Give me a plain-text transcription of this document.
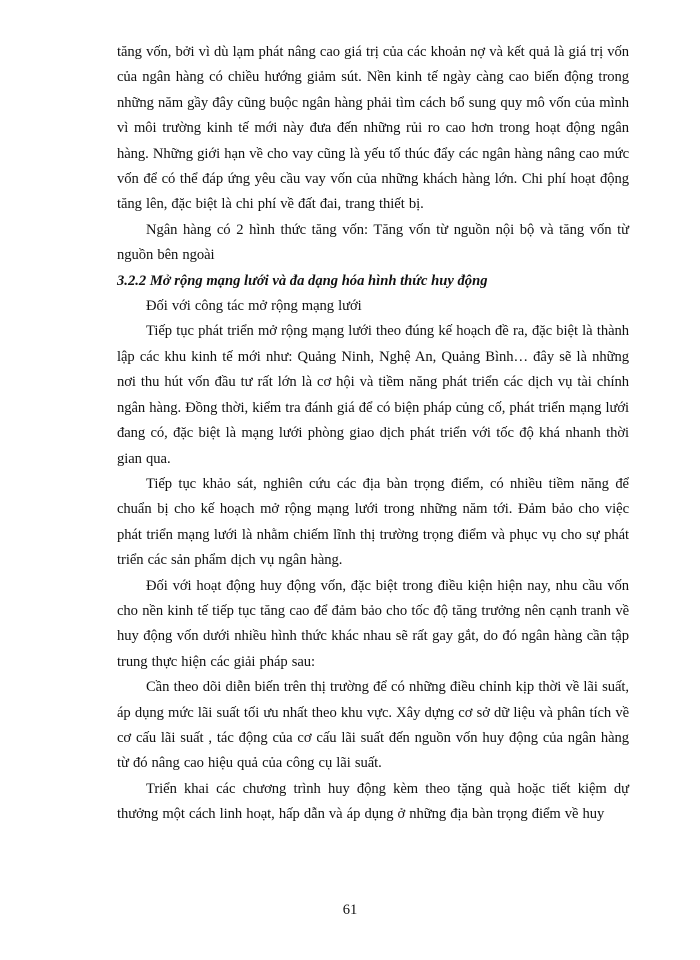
tăng vốn, bởi vì dù lạm phát nâng cao giá trị của các khoản nợ và kết quả là giá trị vốn của ngân hàng có chiều hướng giảm sút. Nền kinh tế ngày càng cao biến động trong những năm gầy đây cũng buộc ngân hàng phải tìm cách bổ sung quy mô vốn của mình vì môi trường kinh tế mới này đưa đến những rủi ro cao hơn trong hoạt động ngân hàng. Những giới hạn về cho vay cũng là yếu tố thúc đẩy các ngân hàng nâng cao mức vốn để có thể đáp ứng yêu cầu vay vốn của những khách hàng lớn. Chi phí hoạt động tăng lên, đặc biệt là chi phí về đất đai, trang thiết bị.

Ngân hàng có 2 hình thức tăng vốn: Tăng vốn từ nguồn nội bộ và tăng vốn từ nguồn bên ngoài

3.2.2 Mở rộng mạng lưới và đa dạng hóa hình thức huy động

Đối với công tác mở rộng mạng lưới

Tiếp tục phát triển mở rộng mạng lưới theo đúng kế hoạch đề ra, đặc biệt là thành lập các khu kinh tế mới như: Quảng Ninh, Nghệ An, Quảng Bình… đây sẽ là những nơi thu hút vốn đầu tư rất lớn là cơ hội và tiềm năng phát triển các dịch vụ tài chính ngân hàng. Đồng thời, kiểm tra đánh giá để có biện pháp củng cố, phát triển mạng lưới đang có, đặc biệt là mạng lưới phòng giao dịch phát triển với tốc độ khá nhanh thời gian qua.

Tiếp tục khảo sát, nghiên cứu các địa bàn trọng điểm, có nhiều tiềm năng để chuẩn bị cho kế hoạch mở rộng mạng lưới trong những năm tới. Đảm bảo cho việc phát triển mạng lưới là nhằm chiếm lĩnh thị trường trọng điểm và phục vụ cho sự phát triển các sản phẩm dịch vụ ngân hàng.

Đối với hoạt động huy động vốn, đặc biệt trong điều kiện hiện nay, nhu cầu vốn cho nền kinh tế tiếp tục tăng cao để đảm bảo cho tốc độ tăng trưởng nên cạnh tranh về huy động vốn dưới nhiều hình thức khác nhau sẽ rất gay gắt, do đó ngân hàng cần tập trung thực hiện các giải pháp sau:

Cần theo dõi diễn biến trên thị trường để có những điều chỉnh kịp thời về lãi suất, áp dụng mức lãi suất tối ưu nhất theo khu vực. Xây dựng cơ sở dữ liệu và phân tích về cơ cấu lãi suất , tác động của cơ cấu lãi suất đến nguồn vốn huy động của ngân hàng từ đó nâng cao hiệu quả của công cụ lãi suất.

Triển khai các chương trình huy động kèm theo tặng quà hoặc tiết kiệm dự thưởng một cách linh hoạt, hấp dẫn và áp dụng ở những địa bàn trọng điểm về huy

61
